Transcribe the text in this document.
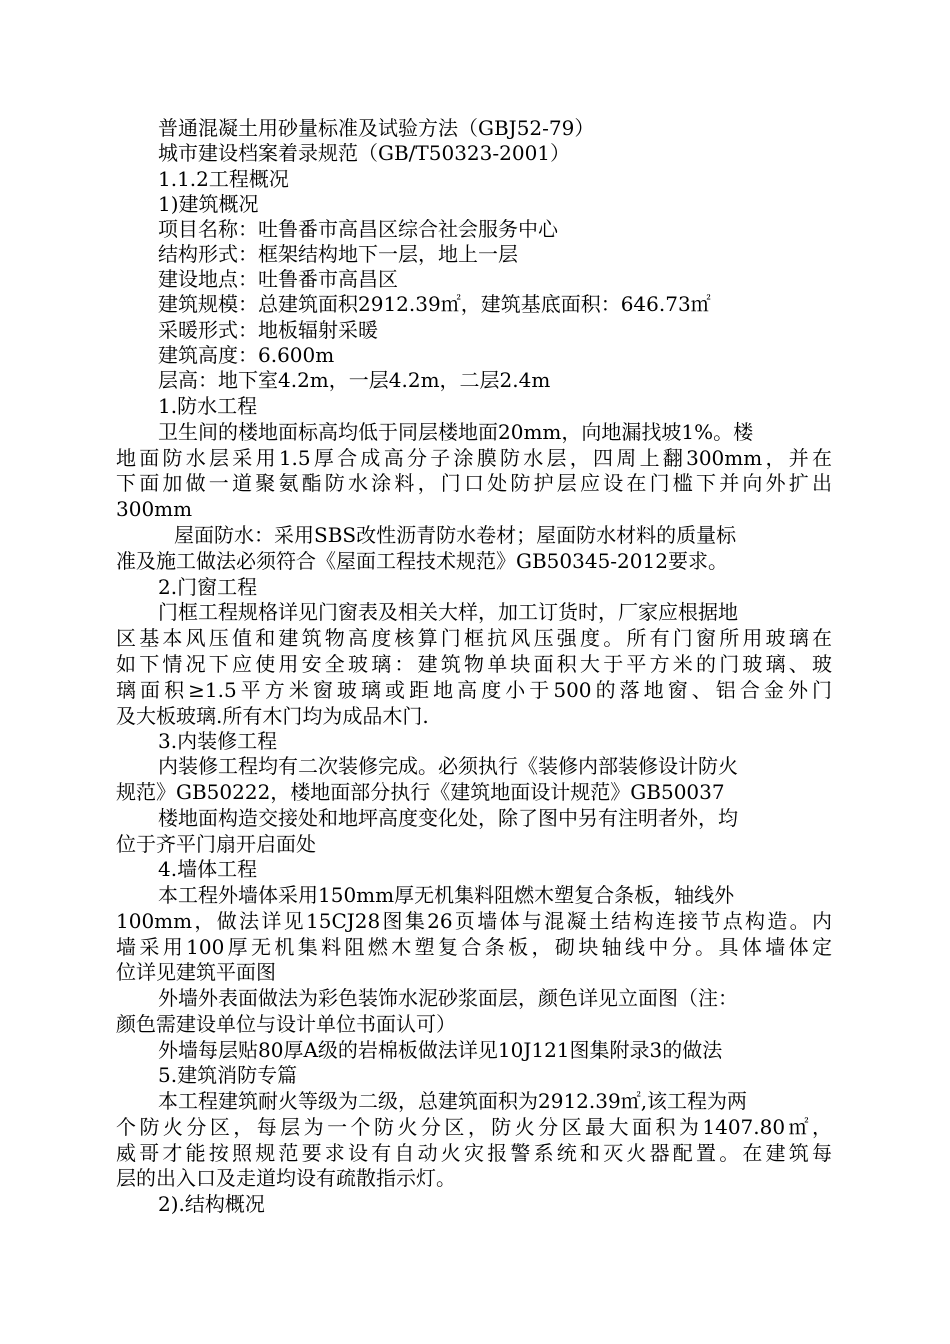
普通混凝土用砂量标准及试验方法（GBJ52-79）
城市建设档案着录规范（GB/T50323-2001）
1.1.2工程概况
1)建筑概况
项目名称：吐鲁番市高昌区综合社会服务中心
结构形式：框架结构地下一层，地上一层
建设地点：吐鲁番市高昌区
建筑规模：总建筑面积2912.39㎡，建筑基底面积：646.73㎡
采暖形式：地板辐射采暖
建筑高度：6.600m
层高：地下室4.2m，一层4.2m，二层2.4m
1.防水工程
卫生间的楼地面标高均低于同层楼地面20mm，向地漏找坡1%。楼
地面防水层采用1.5厚合成高分子涂膜防水层，四周上翻300mm，并在
下面加做一道聚氨酯防水涂料，门口处防护层应设在门槛下并向外扩出
300mm
屋面防水：采用SBS改性沥青防水卷材；屋面防水材料的质量标
准及施工做法必须符合《屋面工程技术规范》GB50345-2012要求。
2.门窗工程
门框工程规格详见门窗表及相关大样，加工订货时，厂家应根据地
区基本风压值和建筑物高度核算门框抗风压强度。所有门窗所用玻璃在
如下情况下应使用安全玻璃：建筑物单块面积大于平方米的门玻璃、玻
璃面积≥1.5平方米窗玻璃或距地高度小于500的落地窗、铝合金外门
及大板玻璃.所有木门均为成品木门.
3.内装修工程
内装修工程均有二次装修完成。必须执行《装修内部装修设计防火
规范》GB50222，楼地面部分执行《建筑地面设计规范》GB50037
楼地面构造交接处和地坪高度变化处，除了图中另有注明者外，均
位于齐平门扇开启面处
4.墙体工程
本工程外墙体采用150mm厚无机集料阻燃木塑复合条板，轴线外
100mm，做法详见15CJ28图集26页墙体与混凝土结构连接节点构造。内
墙采用100厚无机集料阻燃木塑复合条板，砌块轴线中分。具体墙体定
位详见建筑平面图
外墙外表面做法为彩色装饰水泥砂浆面层，颜色详见立面图（注：
颜色需建设单位与设计单位书面认可）
外墙每层贴80厚A级的岩棉板做法详见10J121图集附录3的做法
5.建筑消防专篇
本工程建筑耐火等级为二级，总建筑面积为2912.39㎡,该工程为两
个防火分区，每层为一个防火分区，防火分区最大面积为1407.80㎡，
威哥才能按照规范要求设有自动火灾报警系统和灭火器配置。在建筑每
层的出入口及走道均设有疏散指示灯。
2).结构概况
